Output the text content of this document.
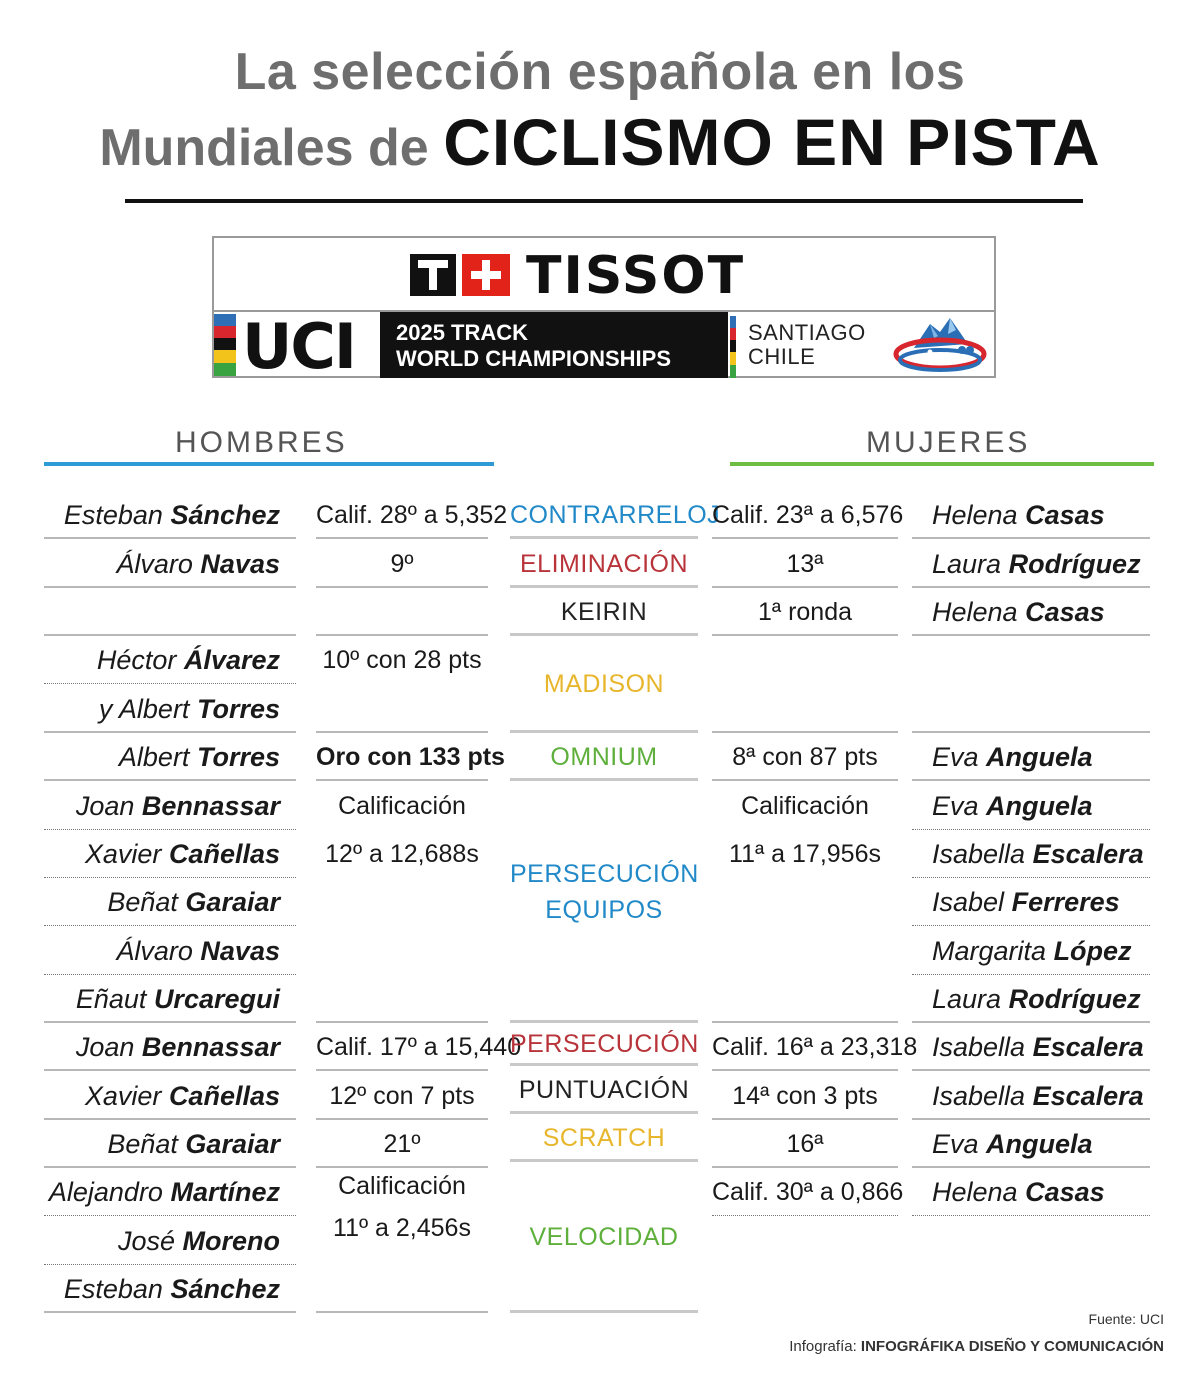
La selección española en los
Mundiales de CICLISMO EN PISTA
TISSOT
UCI 2025 TRACK
WORLD CHAMPIONSHIPS
SANTIAGO
CHILE
HOMBRES	MUJERES
Esteban Sánchez
Álvaro Navas
Héctor Álvarez
y Albert Torres
Albert Torres
Joan Bennassar
Xavier Cañellas
Beñat Garaiar
Álvaro Navas
Eñaut Urcaregui
Joan Bennassar
Xavier Cañellas
Beñat Garaiar
Alejandro Martínez
José Moreno
Esteban Sánchez
Calif. 28º a 5,352
9º
10º con 28 pts
Oro con 133 pts
Calificación
12º a 12,688s
Calif. 17º a 15,440
12º con 7 pts
21º
Calificación
11º a 2,456s
CONTRARRELOJ
ELIMINACIÓN
KEIRIN
MADISON
OMNIUM
PERSECUCIÓN
EQUIPOS
PERSECUCIÓN
PUNTUACIÓN
SCRATCH
VELOCIDAD
Calif. 23ª a 6,576
13ª
1ª ronda
8ª con 87 pts
Calificación
11ª a 17,956s
Calif. 16ª a 23,318
14ª con 3 pts
16ª
Calif. 30ª a 0,866
Helena Casas
Laura Rodríguez
Helena Casas
Eva Anguela
Eva Anguela
Isabella Escalera
Isabel Ferreres
Margarita López
Laura Rodríguez
Isabella Escalera
Isabella Escalera
Eva Anguela
Helena Casas
Fuente: UCI
Infografía: INFOGRÁFIKA DISEÑO Y COMUNICACIÓN
